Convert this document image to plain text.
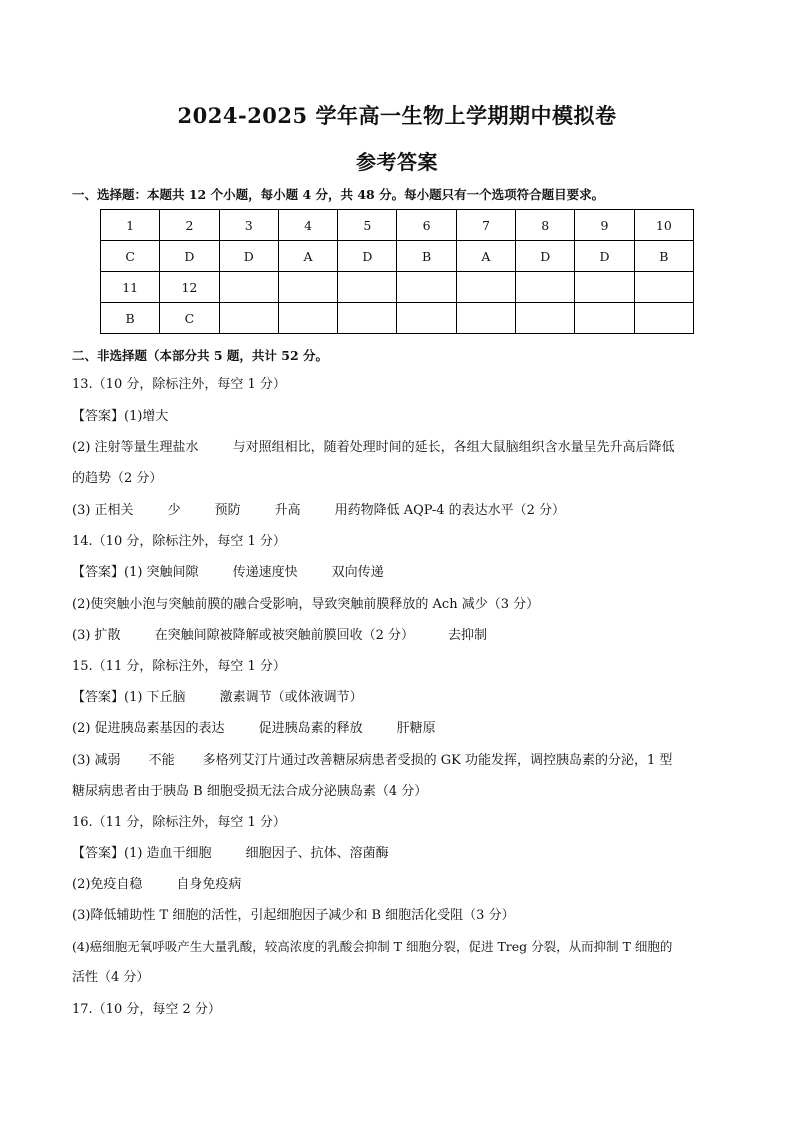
2024-2025 学年高一生物上学期期中模拟卷
参考答案
一、选择题：本题共 12 个小题，每小题 4 分，共 48 分。每小题只有一个选项符合题目要求。
1	2	3	4	5	6	7	8	9	10
C	D	D	A	D	B	A	D	D	B
11	12								
B	C								
二、非选择题（本部分共 5 题，共计 52 分。
13.（10 分，除标注外，每空 1 分）
【答案】(1)增大
(2) 注射等量生理盐水	与对照组相比，随着处理时间的延长，各组大鼠脑组织含水量呈先升高后降低
的趋势（2 分）
(3) 正相关	少	预防	升高	用药物降低 AQP-4 的表达水平（2 分）
14.（10 分，除标注外，每空 1 分）
【答案】(1) 突触间隙	传递速度快	双向传递
(2)使突触小泡与突触前膜的融合受影响，导致突触前膜释放的 Ach 减少（3 分）
(3) 扩散	在突触间隙被降解或被突触前膜回收（2 分）	去抑制
15.（11 分，除标注外，每空 1 分）
【答案】(1) 下丘脑	激素调节（或体液调节）
(2) 促进胰岛素基因的表达	促进胰岛素的释放	肝糖原
(3) 减弱 不能 多格列艾汀片通过改善糖尿病患者受损的 GK 功能发挥，调控胰岛素的分泌，1 型
糖尿病患者由于胰岛 B 细胞受损无法合成分泌胰岛素（4 分）
16.（11 分，除标注外，每空 1 分）
【答案】(1) 造血干细胞	细胞因子、抗体、溶菌酶
(2)免疫自稳	自身免疫病
(3)降低辅助性 T 细胞的活性，引起细胞因子减少和 B 细胞活化受阻（3 分）
(4)癌细胞无氧呼吸产生大量乳酸，较高浓度的乳酸会抑制 T 细胞分裂，促进 Treg 分裂，从而抑制 T 细胞的
活性（4 分）
17.（10 分，每空 2 分）
